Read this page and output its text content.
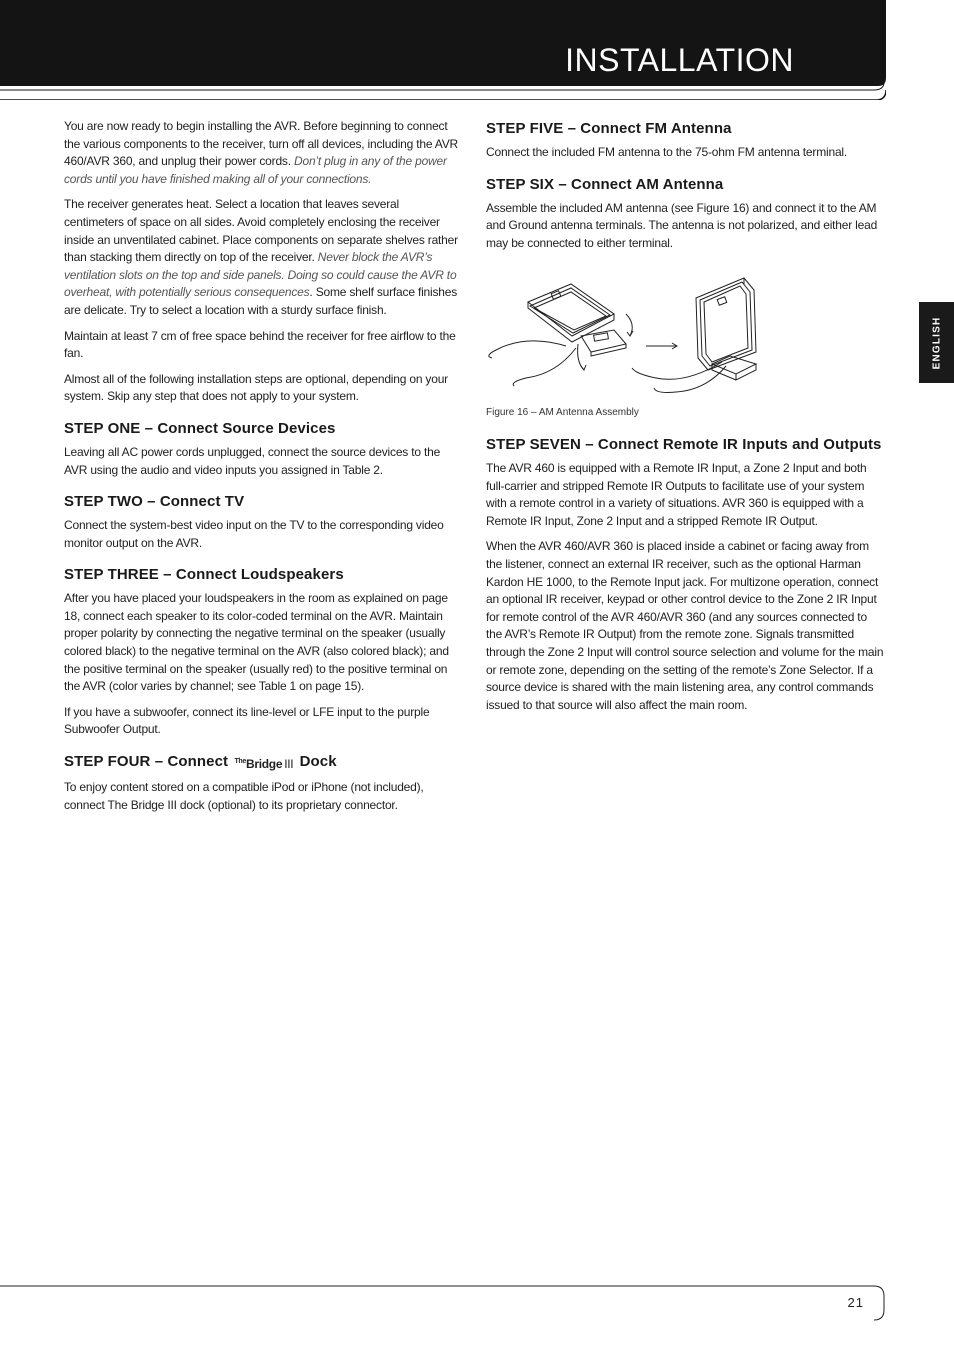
INSTALLATION
ENGLISH

You are now ready to begin installing the AVR. Before beginning to connect the various components to the receiver, turn off all devices, including the AVR 460/AVR 360, and unplug their power cords. Don’t plug in any of the power cords until you have finished making all of your connections.

The receiver generates heat. Select a location that leaves several centimeters of space on all sides. Avoid completely enclosing the receiver inside an unventilated cabinet. Place components on separate shelves rather than stacking them directly on top of the receiver. Never block the AVR’s ventilation slots on the top and side panels. Doing so could cause the AVR to overheat, with potentially serious consequences. Some shelf surface finishes are delicate. Try to select a location with a sturdy surface finish.

Maintain at least 7 cm of free space behind the receiver for free airflow to the fan.

Almost all of the following installation steps are optional, depending on your system. Skip any step that does not apply to your system.

STEP ONE – Connect Source Devices

Leaving all AC power cords unplugged, connect the source devices to the AVR using the audio and video inputs you assigned in Table 2.

STEP TWO – Connect TV

Connect the system-best video input on the TV to the corresponding video monitor output on the AVR.

STEP THREE – Connect Loudspeakers

After you have placed your loudspeakers in the room as explained on page 18, connect each speaker to its color-coded terminal on the AVR. Maintain proper polarity by connecting the negative terminal on the speaker (usually colored black) to the negative terminal on the AVR (also colored black); and the positive terminal on the speaker (usually red) to the positive terminal on the AVR (color varies by channel; see Table 1 on page 15).

If you have a subwoofer, connect its line-level or LFE input to the purple Subwoofer Output.

STEP FOUR – Connect $^{The}$Bridge III Dock

To enjoy content stored on a compatible iPod or iPhone (not included), connect The Bridge III dock (optional) to its proprietary connector.

STEP FIVE – Connect FM Antenna

Connect the included FM antenna to the 75-ohm FM antenna terminal.

STEP SIX – Connect AM Antenna

Assemble the included AM antenna (see Figure 16) and connect it to the AM and Ground antenna terminals. The antenna is not polarized, and either lead may be connected to either terminal.

Figure 16 – AM Antenna Assembly
STEP SEVEN – Connect Remote IR Inputs and Outputs

The AVR 460 is equipped with a Remote IR Input, a Zone 2 Input and both full-carrier and stripped Remote IR Outputs to facilitate use of your system with a remote control in a variety of situations. AVR 360 is equipped with a Remote IR Input, Zone 2 Input and a stripped Remote IR Output.

When the AVR 460/AVR 360 is placed inside a cabinet or facing away from the listener, connect an external IR receiver, such as the optional Harman Kardon HE 1000, to the Remote Input jack. For multizone operation, connect an optional IR receiver, keypad or other control device to the Zone 2 IR Input for remote control of the AVR 460/AVR 360 (and any sources connected to the AVR’s Remote IR Output) from the remote zone. Signals transmitted through the Zone 2 Input will control source selection and volume for the main or remote zone, depending on the setting of the remote’s Zone Selector. If a source device is shared with the main listening area, any control commands issued to that source will also affect the main room.

21
